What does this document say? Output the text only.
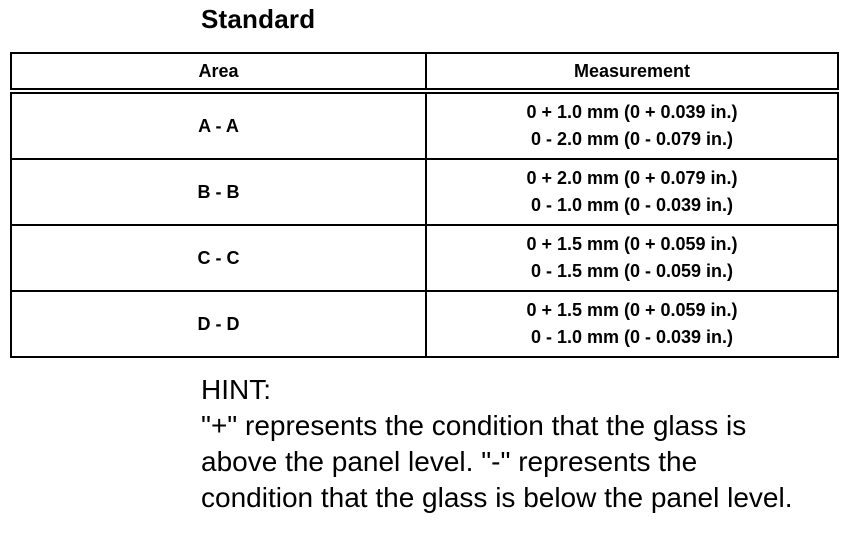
Standard
Area	Measurement
A - A	0 + 1.0 mm (0 + 0.039 in.)
0 - 2.0 mm (0 - 0.079 in.)
B - B	0 + 2.0 mm (0 + 0.079 in.)
0 - 1.0 mm (0 - 0.039 in.)
C - C	0 + 1.5 mm (0 + 0.059 in.)
0 - 1.5 mm (0 - 0.059 in.)
D - D	0 + 1.5 mm (0 + 0.059 in.)
0 - 1.0 mm (0 - 0.039 in.)
HINT:
"+" represents the condition that the glass is
above the panel level. "-" represents the
condition that the glass is below the panel level.
